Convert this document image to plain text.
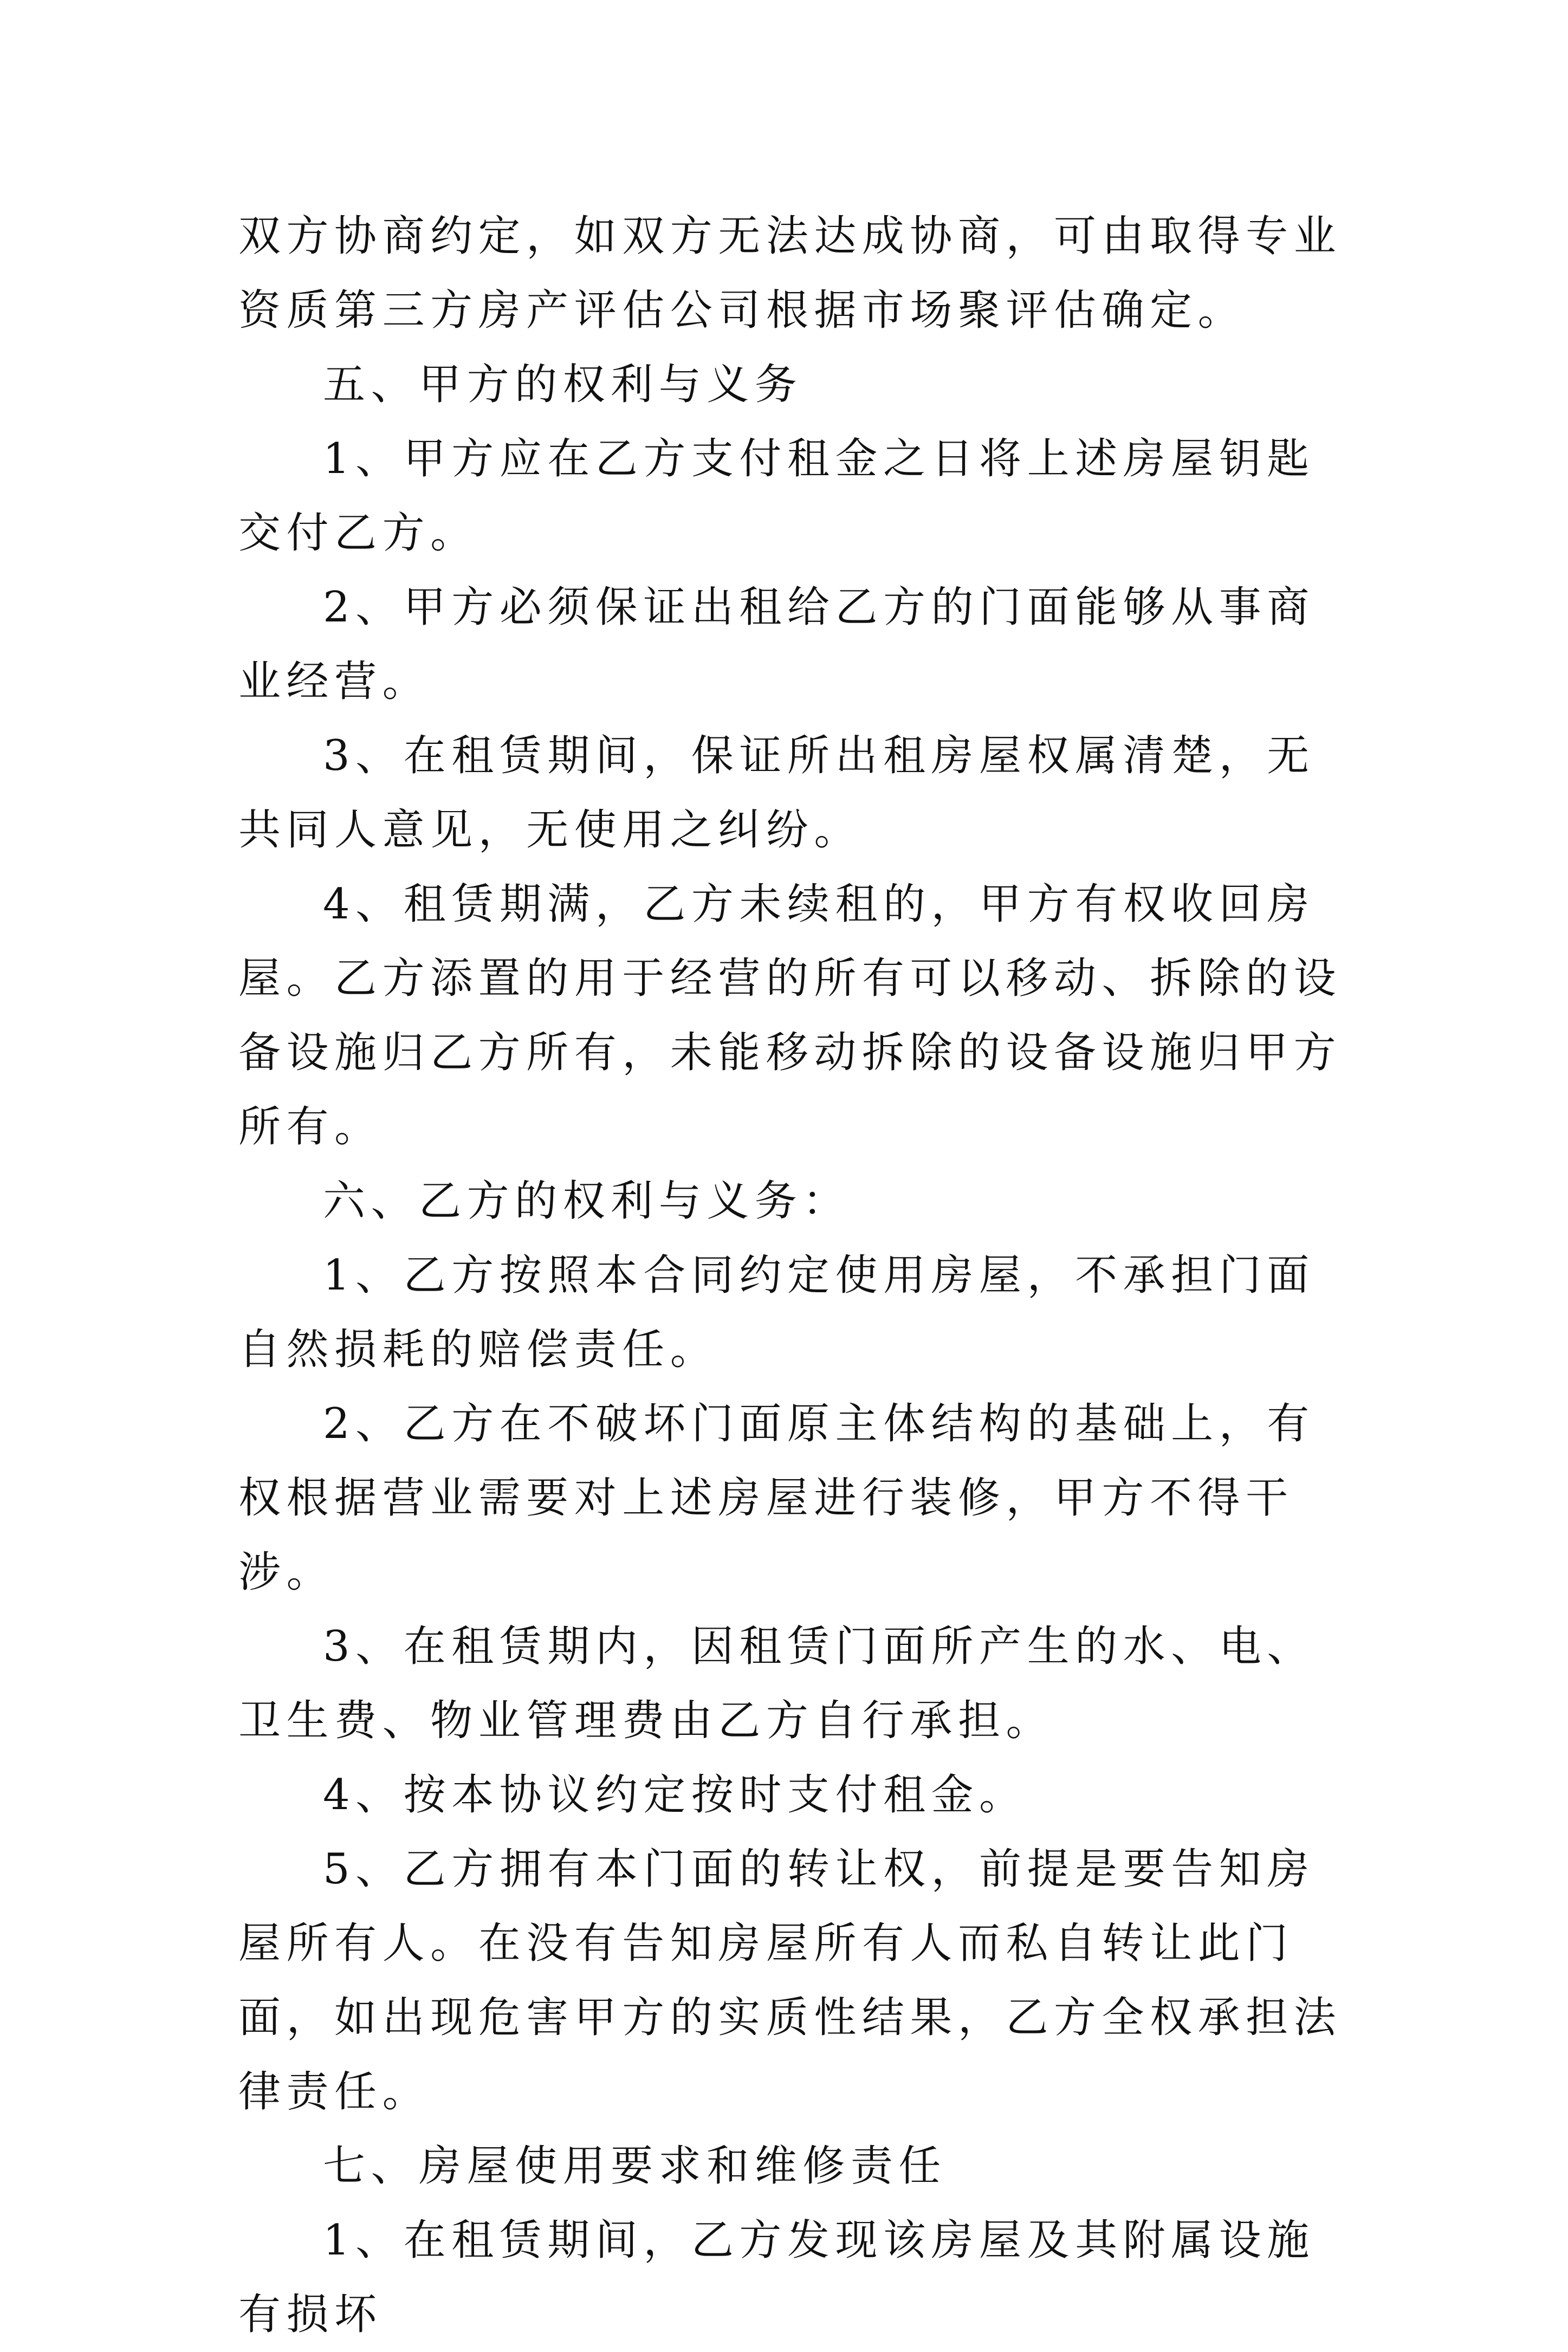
双方协商约定，如双方无法达成协商，可由取得专业资质第三方房产评估公司根据市场聚评估确定。

五、甲方的权利与义务

1、甲方应在乙方支付租金之日将上述房屋钥匙交付乙方。

2、甲方必须保证出租给乙方的门面能够从事商业经营。

3、在租赁期间，保证所出租房屋权属清楚，无共同人意见，无使用之纠纷。

4、租赁期满，乙方未续租的，甲方有权收回房屋。乙方添置的用于经营的所有可以移动、拆除的设备设施归乙方所有，未能移动拆除的设备设施归甲方所有。

六、乙方的权利与义务：

1、乙方按照本合同约定使用房屋，不承担门面自然损耗的赔偿责任。

2、乙方在不破坏门面原主体结构的基础上，有权根据营业需要对上述房屋进行装修，甲方不得干涉。

3、在租赁期内，因租赁门面所产生的水、电、卫生费、物业管理费由乙方自行承担。

4、按本协议约定按时支付租金。

5、乙方拥有本门面的转让权，前提是要告知房屋所有人。在没有告知房屋所有人而私自转让此门面，如出现危害甲方的实质性结果，乙方全权承担法律责任。

七、房屋使用要求和维修责任

1、在租赁期间，乙方发现该房屋及其附属设施有损坏
